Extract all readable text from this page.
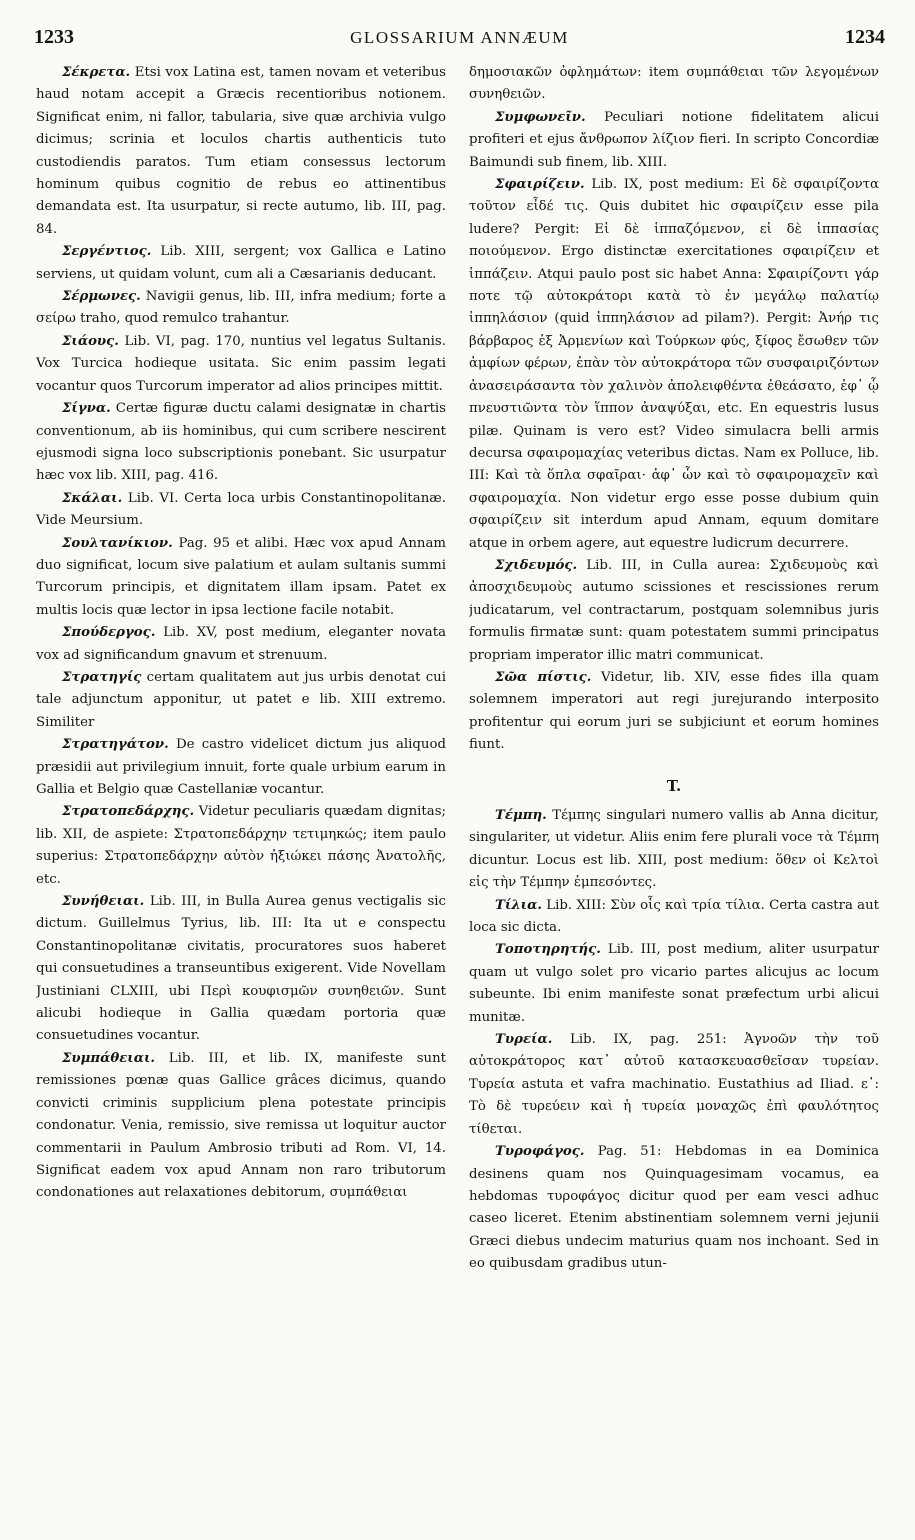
1233	GLOSSARIUM ANNÆUM	1234

Σέκρετα. Etsi vox Latina est, tamen novam et veteribus haud notam accepit a Græcis recentioribus notionem. Significat enim, ni fallor, tabularia, sive quæ archivia vulgo dicimus; scrinia et loculos chartis authenticis tuto custodiendis paratos. Tum etiam consessus lectorum hominum quibus cognitio de rebus eo attinentibus demandata est. Ita usurpatur, si recte autumo, lib. III, pag. 84.

Σεργέντιος. Lib. XIII, sergent; vox Gallica e Latino serviens, ut quidam volunt, cum ali a Cæsarianis deducant.

Σέρμωνες. Navigii genus, lib. III, infra medium; forte a σείρω traho, quod remulco trahantur.

Σιάους. Lib. VI, pag. 170, nuntius vel legatus Sultanis. Vox Turcica hodieque usitata. Sic enim passim legati vocantur quos Turcorum imperator ad alios principes mittit.

Σίγνα. Certæ figuræ ductu calami designatæ in chartis conventionum, ab iis hominibus, qui cum scribere nescirent ejusmodi signa loco subscriptionis ponebant. Sic usurpatur hæc vox lib. XIII, pag. 416.

Σκάλαι. Lib. VI. Certa loca urbis Constantinopolitanæ. Vide Meursium.

Σουλτανίκιον. Pag. 95 et alibi. Hæc vox apud Annam duo significat, locum sive palatium et aulam sultanis summi Turcorum principis, et dignitatem illam ipsam. Patet ex multis locis quæ lector in ipsa lectione facile notabit.

Σπούδεργος. Lib. XV, post medium, eleganter novata vox ad significandum gnavum et strenuum.

Στρατηγίς certam qualitatem aut jus urbis denotat cui tale adjunctum apponitur, ut patet e lib. XIII extremo. Similiter

Στρατηγάτον. De castro videlicet dictum jus aliquod præsidii aut privilegium innuit, forte quale urbium earum in Gallia et Belgio quæ Castellaniæ vocantur.

Στρατοπεδάρχης. Videtur peculiaris quædam dignitas; lib. XII, de aspiete: Στρατοπεδάρχην τετιμηκώς; item paulo superius: Στρατοπεδάρχην αὐτὸν ἠξιώκει πάσης Ἀνατολῆς, etc.

Συνήθειαι. Lib. III, in Bulla Aurea genus vectigalis sic dictum. Guillelmus Tyrius, lib. III: Ita ut e conspectu Constantinopolitanæ civitatis, procuratores suos haberet qui consuetudines a transeuntibus exigerent. Vide Novellam Justiniani CLXIII, ubi Περὶ κουφισμῶν συνηθειῶν. Sunt alicubi hodieque in Gallia quædam portoria quæ consuetudines vocantur.

Συμπάθειαι. Lib. III, et lib. IX, manifeste sunt remissiones pœnæ quas Gallice grâces dicimus, quando convicti criminis supplicium plena potestate principis condonatur. Venia, remissio, sive remissa ut loquitur auctor commentarii in Paulum Ambrosio tributi ad Rom. VI, 14. Significat eadem vox apud Annam non raro tributorum condonationes aut relaxationes debitorum, συμπάθειαι

δημοσιακῶν ὀφλημάτων: item συμπάθειαι τῶν λεγομένων συνηθειῶν.

Συμφωνεῖν. Peculiari notione fidelitatem alicui profiteri et ejus ἄνθρωπον λίζιον fieri. In scripto Concordiæ Baimundi sub finem, lib. XIII.

Σφαιρίζειν. Lib. IX, post medium: Εἰ δὲ σφαιρίζοντα τοῦτον εἶδέ τις. Quis dubitet hic σφαιρίζειν esse pila ludere? Pergit: Εἰ δὲ ἱππαζόμενον, εἰ δὲ ἱππασίας ποιούμενον. Ergo distinctæ exercitationes σφαιρίζειν et ἱππάζειν. Atqui paulo post sic habet Anna: Σφαιρίζοντι γάρ ποτε τῷ αὐτοκράτορι κατὰ τὸ ἐν μεγάλῳ παλατίῳ ἱππηλάσιον (quid ἱππηλάσιον ad pilam?). Pergit: Ἀνήρ τις βάρβαρος ἐξ Ἀρμενίων καὶ Τούρκων φύς, ξίφος ἔσωθεν τῶν ἀμφίων φέρων, ἐπὰν τὸν αὐτοκράτορα τῶν συσφαιριζόντων ἀνασειράσαντα τὸν χαλινὸν ἀπολειφθέντα ἐθεάσατο, ἐφ᾽ ᾧ πνευστιῶντα τὸν ἵππον ἀναψύξαι, etc. En equestris lusus pilæ. Quinam is vero est? Video simulacra belli armis decursa σφαιρομαχίας veteribus dictas. Nam ex Polluce, lib. III: Καὶ τὰ ὅπλα σφαῖραι· ἀφ᾽ ὧν καὶ τὸ σφαιρομαχεῖν καὶ σφαιρομαχία. Non videtur ergo esse posse dubium quin σφαιρίζειν sit interdum apud Annam, equum domitare atque in orbem agere, aut equestre ludicrum decurrere.

Σχιδευμός. Lib. III, in Culla aurea: Σχιδευμοὺς καὶ ἀποσχιδευμοὺς autumo scissiones et rescissiones rerum judicatarum, vel contractarum, postquam solemnibus juris formulis firmatæ sunt: quam potestatem summi principatus propriam imperator illic matri communicat.

Σῶα πίστις. Videtur, lib. XIV, esse fides illa quam solemnem imperatori aut regi jurejurando interposito profitentur qui eorum juri se subjiciunt et eorum homines fiunt.

T.

Τέμπη. Τέμπης singulari numero vallis ab Anna dicitur, singulariter, ut videtur. Aliis enim fere plurali voce τὰ Τέμπη dicuntur. Locus est lib. XIII, post medium: ὅθεν οἱ Κελτοὶ εἰς τὴν Τέμπην ἐμπεσόντες.

Τίλια. Lib. XIII: Σὺν οἷς καὶ τρία τίλια. Certa castra aut loca sic dicta.

Τοποτηρητής. Lib. III, post medium, aliter usurpatur quam ut vulgo solet pro vicario partes alicujus ac locum subeunte. Ibi enim manifeste sonat præfectum urbi alicui munitæ.

Τυρεία. Lib. IX, pag. 251: Ἀγνοῶν τὴν τοῦ αὐτοκράτορος κατ᾽ αὐτοῦ κατασκευασθεῖσαν τυρείαν. Τυρεία astuta et vafra machinatio. Eustathius ad Iliad. ε᾽: Τὸ δὲ τυρεύειν καὶ ἡ τυρεία μοναχῶς ἐπὶ φαυλότητος τίθεται.

Τυροφάγος. Pag. 51: Hebdomas in ea Dominica desinens quam nos Quinquagesimam vocamus, ea hebdomas τυροφάγος dicitur quod per eam vesci adhuc caseo liceret. Etenim abstinentiam solemnem verni jejunii Græci diebus undecim maturius quam nos inchoant. Sed in eo quibusdam gradibus utun-
